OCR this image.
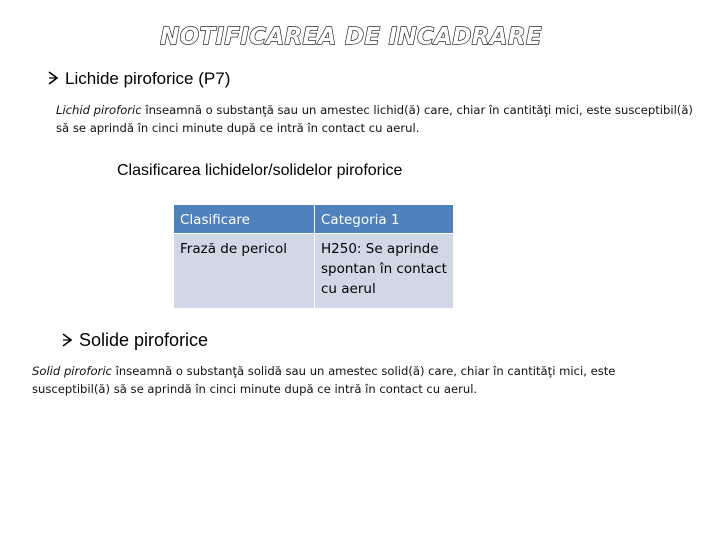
NOTIFICAREA DE INCADRARE
Lichide piroforice (P7)
Lichid piroforic înseamnă o substanţă sau un amestec lichid(ă) care, chiar în cantităţi mici, este susceptibil(ă) să se aprindă în cinci minute după ce intră în contact cu aerul.
Clasificarea lichidelor/solidelor piroforice
Clasificare	Categoria 1
Frază de pericol	H250: Se aprinde spontan în contact cu aerul
Solide piroforice
Solid piroforic înseamnă o substanţă solidă sau un amestec solid(ă) care, chiar în cantităţi mici, este susceptibil(ă) să se aprindă în cinci minute după ce intră în contact cu aerul.
